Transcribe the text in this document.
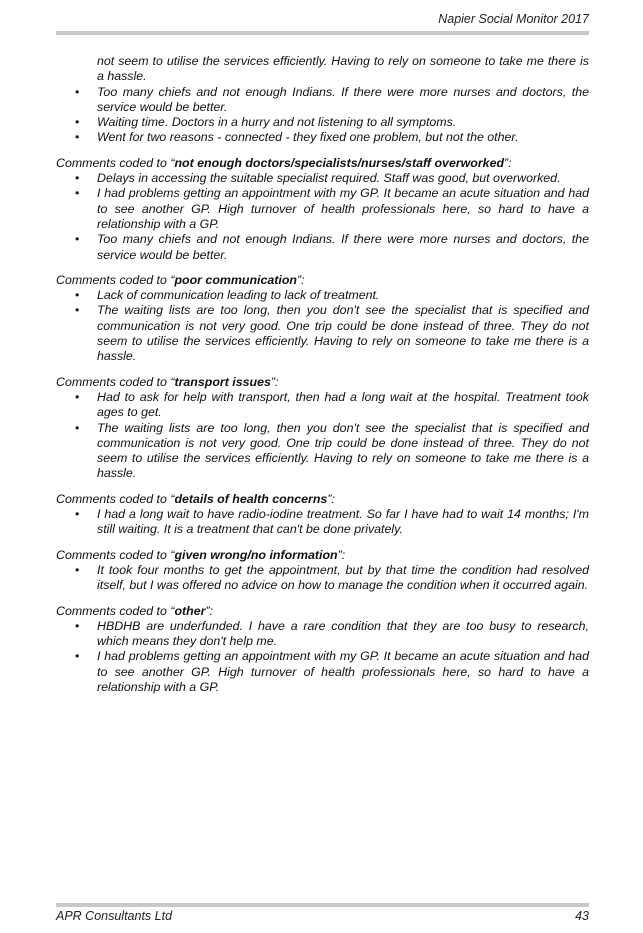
Napier Social Monitor 2017
not seem to utilise the services efficiently. Having to rely on someone to take me there is a hassle.
• Too many chiefs and not enough Indians. If there were more nurses and doctors, the service would be better.
• Waiting time. Doctors in a hurry and not listening to all symptoms.
• Went for two reasons - connected - they fixed one problem, but not the other.

Comments coded to “not enough doctors/specialists/nurses/staff overworked”:

• Delays in accessing the suitable specialist required. Staff was good, but overworked.
• I had problems getting an appointment with my GP. It became an acute situation and had to see another GP. High turnover of health professionals here, so hard to have a relationship with a GP.
• Too many chiefs and not enough Indians. If there were more nurses and doctors, the service would be better.

Comments coded to “poor communication”:

• Lack of communication leading to lack of treatment.
• The waiting lists are too long, then you don't see the specialist that is specified and communication is not very good. One trip could be done instead of three. They do not seem to utilise the services efficiently. Having to rely on someone to take me there is a hassle.

Comments coded to “transport issues”:

• Had to ask for help with transport, then had a long wait at the hospital. Treatment took ages to get.
• The waiting lists are too long, then you don't see the specialist that is specified and communication is not very good. One trip could be done instead of three. They do not seem to utilise the services efficiently. Having to rely on someone to take me there is a hassle.

Comments coded to “details of health concerns”:

• I had a long wait to have radio-iodine treatment. So far I have had to wait 14 months; I'm still waiting. It is a treatment that can't be done privately.

Comments coded to “given wrong/no information”:

• It took four months to get the appointment, but by that time the condition had resolved itself, but I was offered no advice on how to manage the condition when it occurred again.

Comments coded to “other”:

• HBDHB are underfunded. I have a rare condition that they are too busy to research, which means they don't help me.
• I had problems getting an appointment with my GP. It became an acute situation and had to see another GP. High turnover of health professionals here, so hard to have a relationship with a GP.
APR Consultants Ltd	43
